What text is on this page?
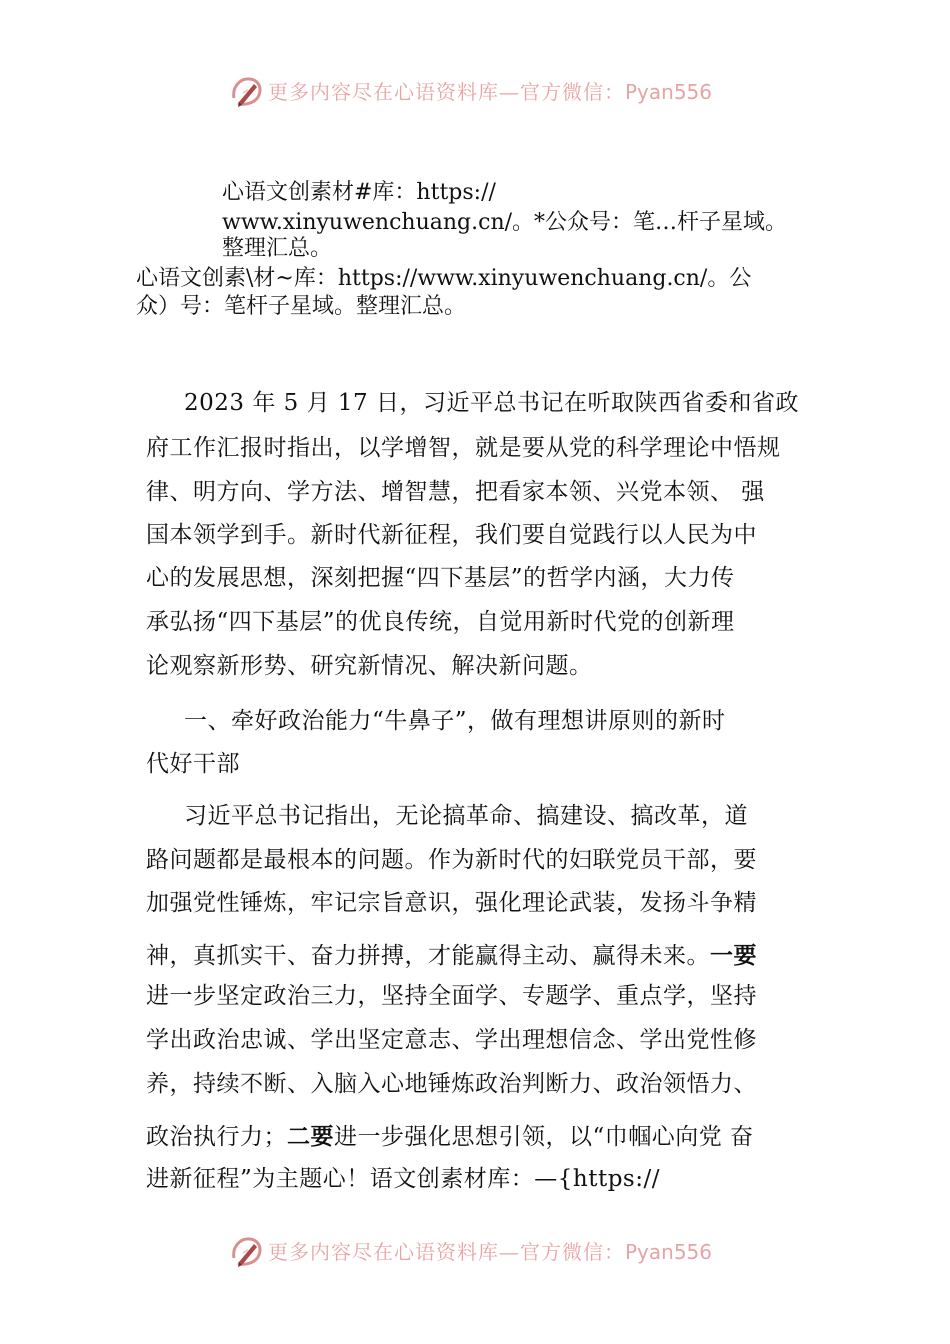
更多内容尽在心语资料库—官方微信：Pyan556
心语文创素材#库：https://
www.xinyuwenchuang.cn/。*公众号：笔…杆子星域。
整理汇总。
心语文创素\材~库：https://www.xinyuwenchuang.cn/。公
众）号：笔杆子星域。整理汇总。
2023 年 5 月 17 日，习近平总书记在听取陕西省委和省政
府工作汇报时指出，以学增智，就是要从党的科学理论中悟规
律、明方向、学方法、增智慧，把看家本领、兴党本领、 强
国本领学到手。新时代新征程，我们要自觉践行以人民为中
心的发展思想，深刻把握“四下基层”的哲学内涵，大力传
承弘扬“四下基层”的优良传统，自觉用新时代党的创新理
论观察新形势、研究新情况、解决新问题。
一、牵好政治能力“牛鼻子”，做有理想讲原则的新时
代好干部
习近平总书记指出，无论搞革命、搞建设、搞改革，道
路问题都是最根本的问题。作为新时代的妇联党员干部，要
加强党性锤炼，牢记宗旨意识，强化理论武装，发扬斗争精
神，真抓实干、奋力拼搏，才能赢得主动、赢得未来。一要
进一步坚定政治三力，坚持全面学、专题学、重点学，坚持
学出政治忠诚、学出坚定意志、学出理想信念、学出党性修
养，持续不断、入脑入心地锤炼政治判断力、政治领悟力、
政治执行力；二要进一步强化思想引领，以“巾帼心向党 奋
进新征程”为主题心！语文创素材库：—{https://
更多内容尽在心语资料库—官方微信：Pyan556
